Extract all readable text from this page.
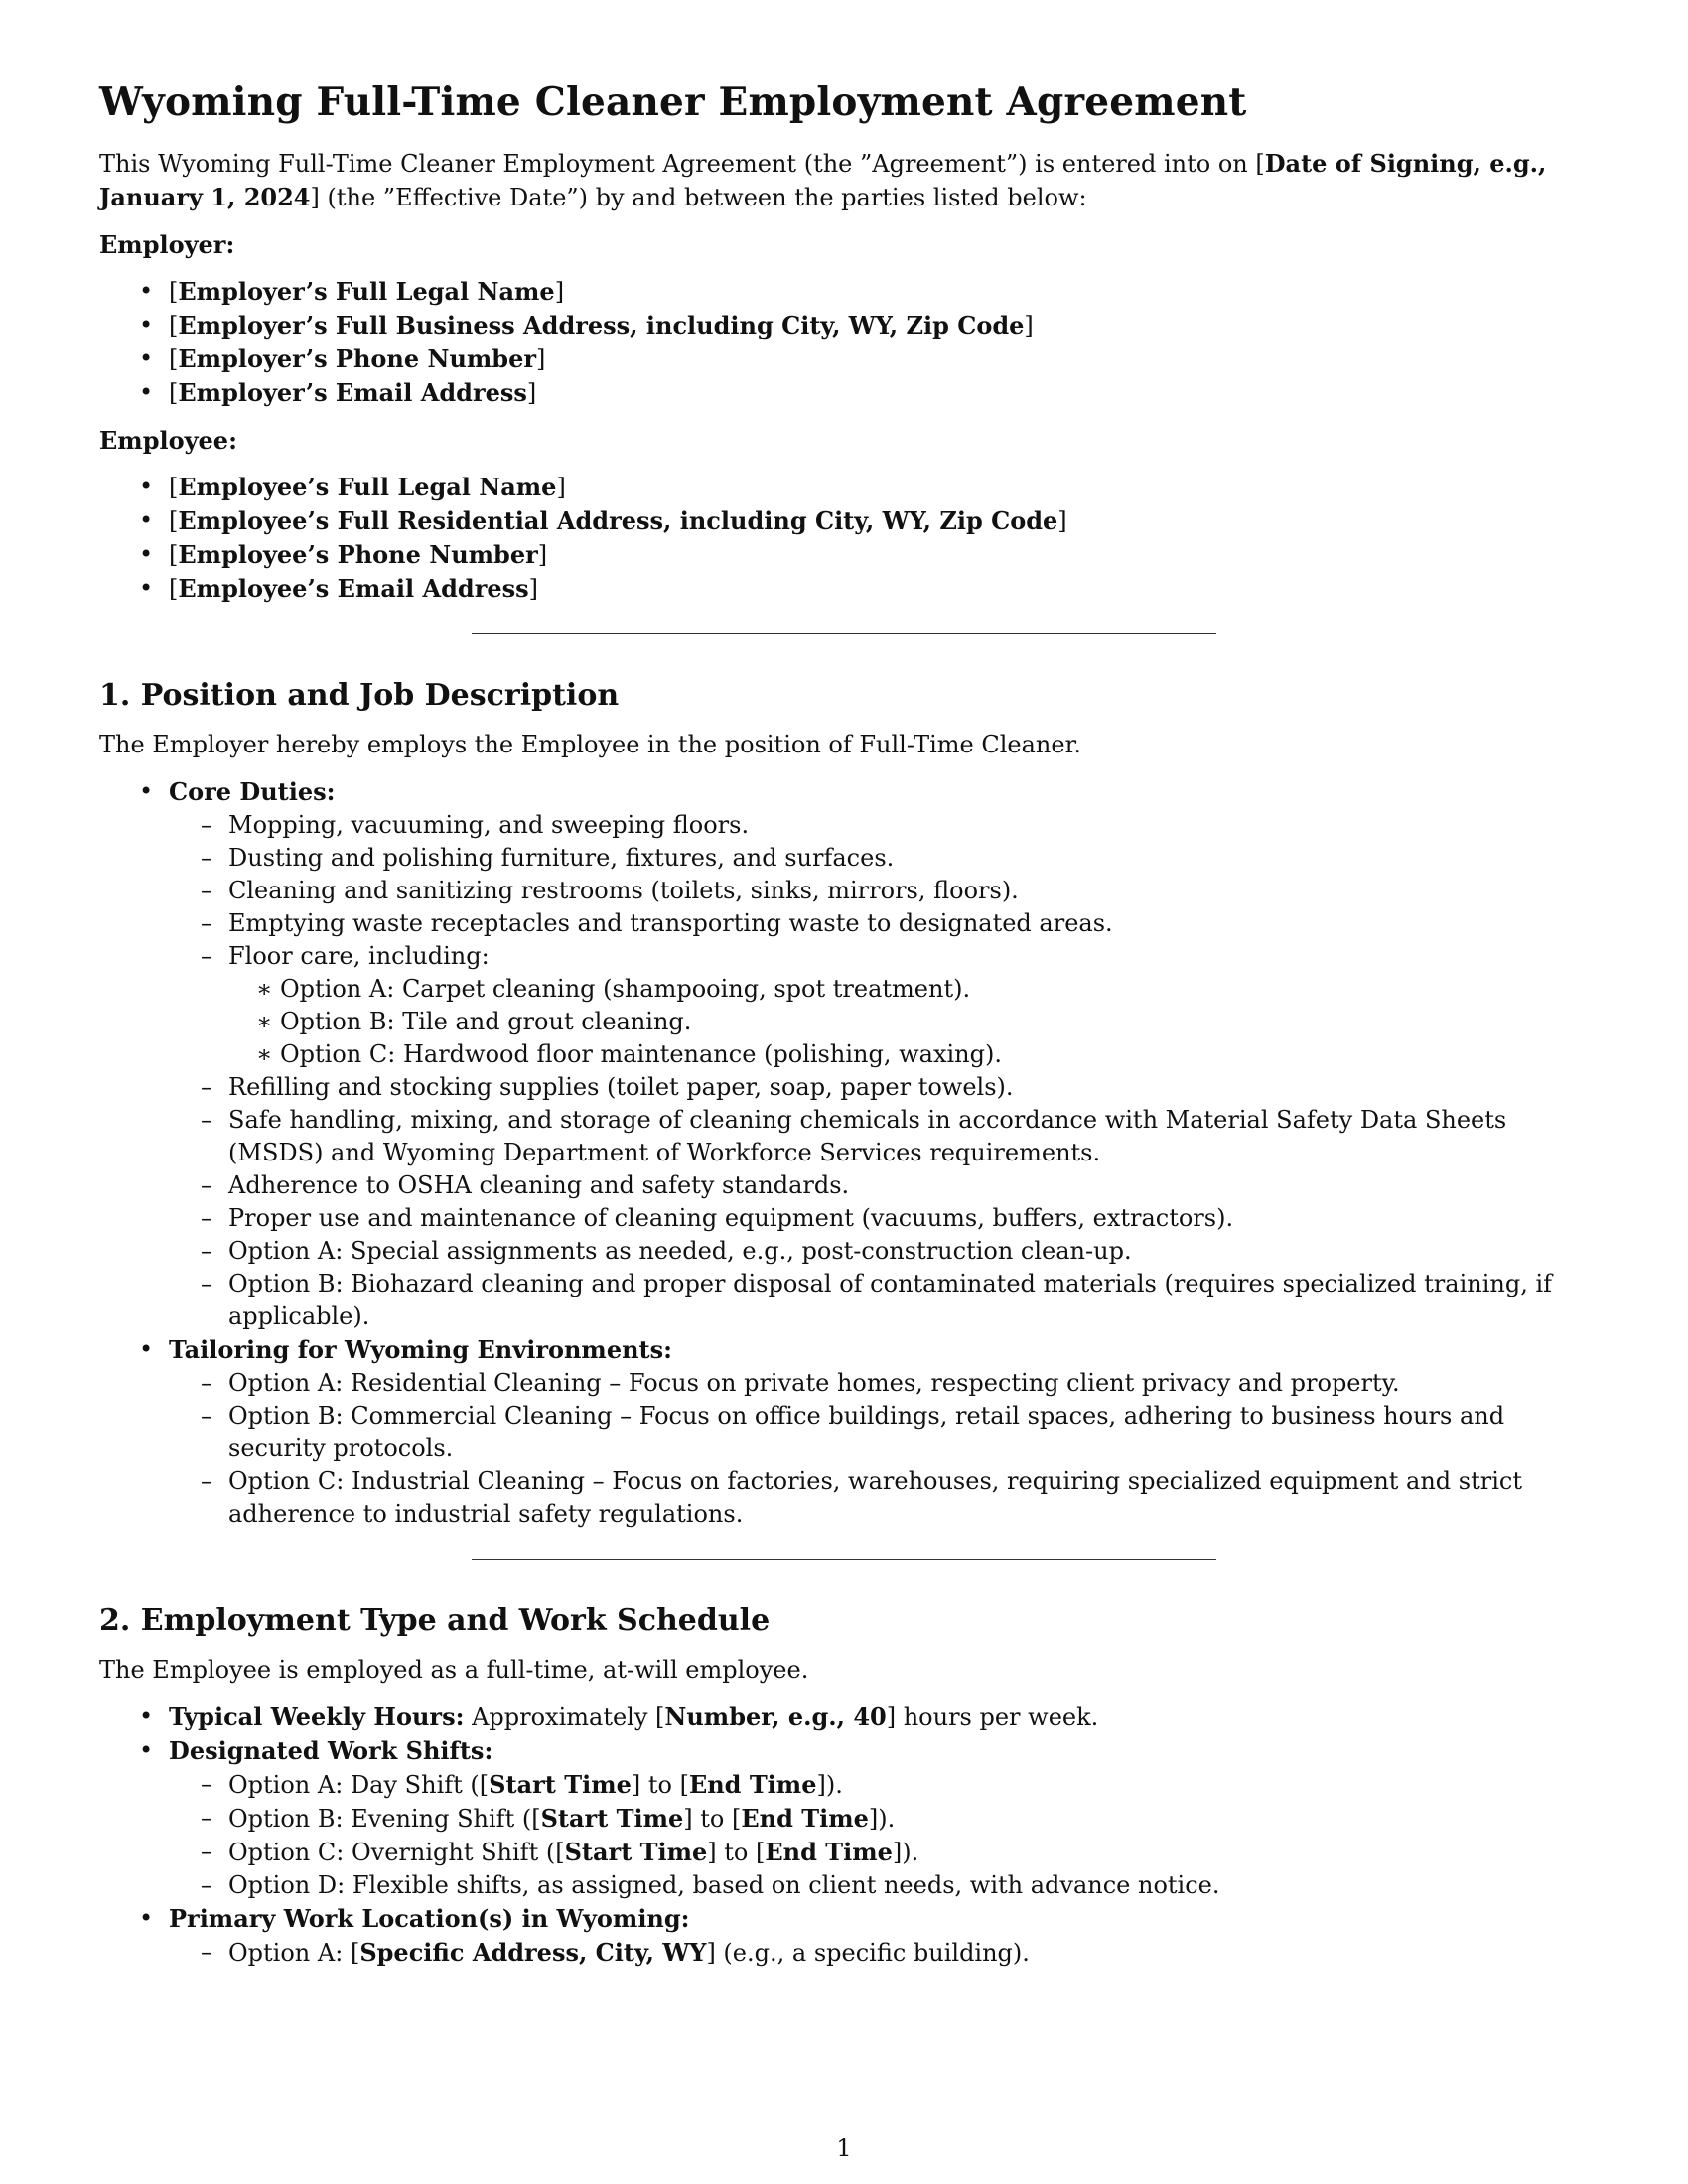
Wyoming Full-Time Cleaner Employment Agreement

This Wyoming Full-Time Cleaner Employment Agreement (the ”Agreement”) is entered into on [Date of Signing, e.g., January 1, 2024] (the ”Effective Date”) by and between the parties listed below:

Employer:
• [Employer’s Full Legal Name]
• [Employer’s Full Business Address, including City, WY, Zip Code]
• [Employer’s Phone Number]
• [Employer’s Email Address]
Employee:
• [Employee’s Full Legal Name]
• [Employee’s Full Residential Address, including City, WY, Zip Code]
• [Employee’s Phone Number]
• [Employee’s Email Address]
1. Position and Job Description

The Employer hereby employs the Employee in the position of Full-Time Cleaner.

• Core Duties:
– Mopping, vacuuming, and sweeping floors.
– Dusting and polishing furniture, fixtures, and surfaces.
– Cleaning and sanitizing restrooms (toilets, sinks, mirrors, floors).
– Emptying waste receptacles and transporting waste to designated areas.
– Floor care, including:
∗ Option A: Carpet cleaning (shampooing, spot treatment).
∗ Option B: Tile and grout cleaning.
∗ Option C: Hardwood floor maintenance (polishing, waxing).
– Refilling and stocking supplies (toilet paper, soap, paper towels).
– Safe handling, mixing, and storage of cleaning chemicals in accordance with Material Safety Data Sheets (MSDS) and Wyoming Department of Workforce Services requirements.
– Adherence to OSHA cleaning and safety standards.
– Proper use and maintenance of cleaning equipment (vacuums, buffers, extractors).
– Option A: Special assignments as needed, e.g., post-construction clean-up.
– Option B: Biohazard cleaning and proper disposal of contaminated materials (requires specialized training, if applicable).
• Tailoring for Wyoming Environments:
– Option A: Residential Cleaning – Focus on private homes, respecting client privacy and property.
– Option B: Commercial Cleaning – Focus on office buildings, retail spaces, adhering to business hours and security protocols.
– Option C: Industrial Cleaning – Focus on factories, warehouses, requiring specialized equipment and strict adherence to industrial safety regulations.
2. Employment Type and Work Schedule

The Employee is employed as a full-time, at-will employee.

• Typical Weekly Hours: Approximately [Number, e.g., 40] hours per week.
• Designated Work Shifts:
– Option A: Day Shift ([Start Time] to [End Time]).
– Option B: Evening Shift ([Start Time] to [End Time]).
– Option C: Overnight Shift ([Start Time] to [End Time]).
– Option D: Flexible shifts, as assigned, based on client needs, with advance notice.
• Primary Work Location(s) in Wyoming:
– Option A: [Specific Address, City, WY] (e.g., a specific building).
1
